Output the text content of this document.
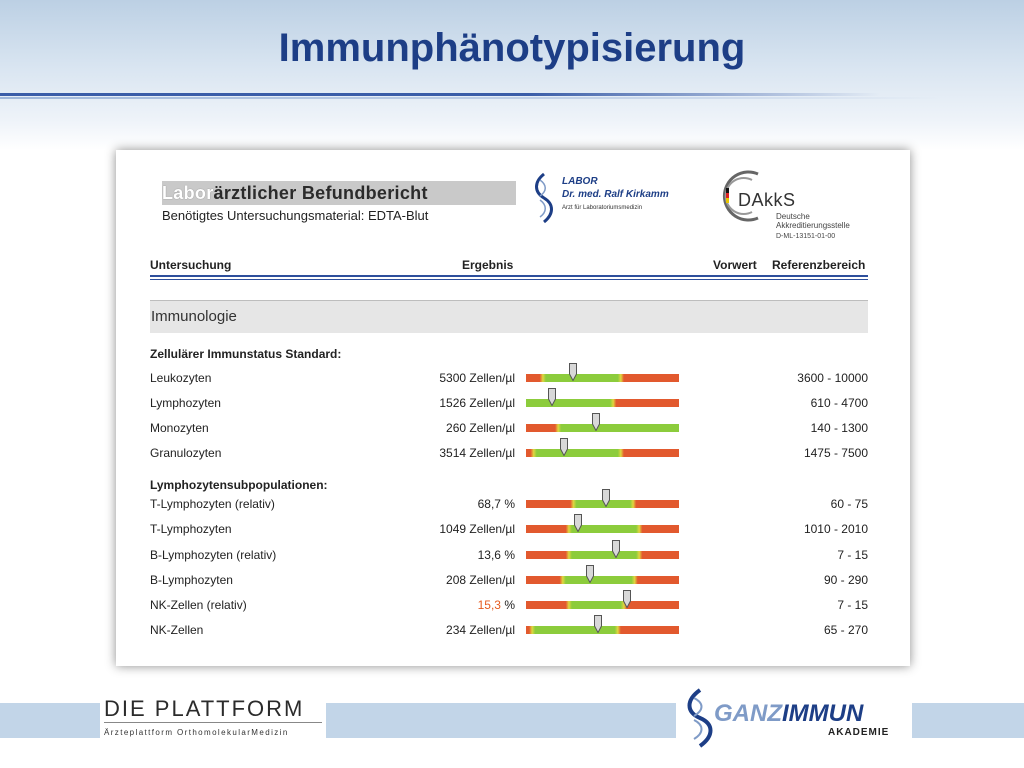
Immunphänotypisierung
Laborärztlicher Befundbericht
Benötigtes Untersuchungsmaterial: EDTA-Blut
LABOR
Dr. med. Ralf Kirkamm
Arzt für Laboratoriumsmedizin	DAkkS
Deutsche
Akkreditierungsstelle
D-ML-13151-01-00
Untersuchung	Ergebnis	Vorwert Referenzbereich
Immunologie
Zellulärer Immunstatus Standard:
Leukozyten	5300 Zellen/µl	3600 - 10000
Lymphozyten	1526 Zellen/µl	610 - 4700
Monozyten	260 Zellen/µl	140 - 1300
Granulozyten	3514 Zellen/µl	1475 - 7500
Lymphozytensubpopulationen:
T-Lymphozyten (relativ)	68,7 %	60 - 75
T-Lymphozyten	1049 Zellen/µl	1010 - 2010
B-Lymphozyten (relativ)	13,6 %	7 - 15
B-Lymphozyten	208 Zellen/µl	90 - 290
NK-Zellen (relativ)	15,3 %	7 - 15
NK-Zellen	234 Zellen/µl	65 - 270
DIE PLATTFORM
Ärzteplattform OrthomolekularMedizin
GANZIMMUN
AKADEMIE
